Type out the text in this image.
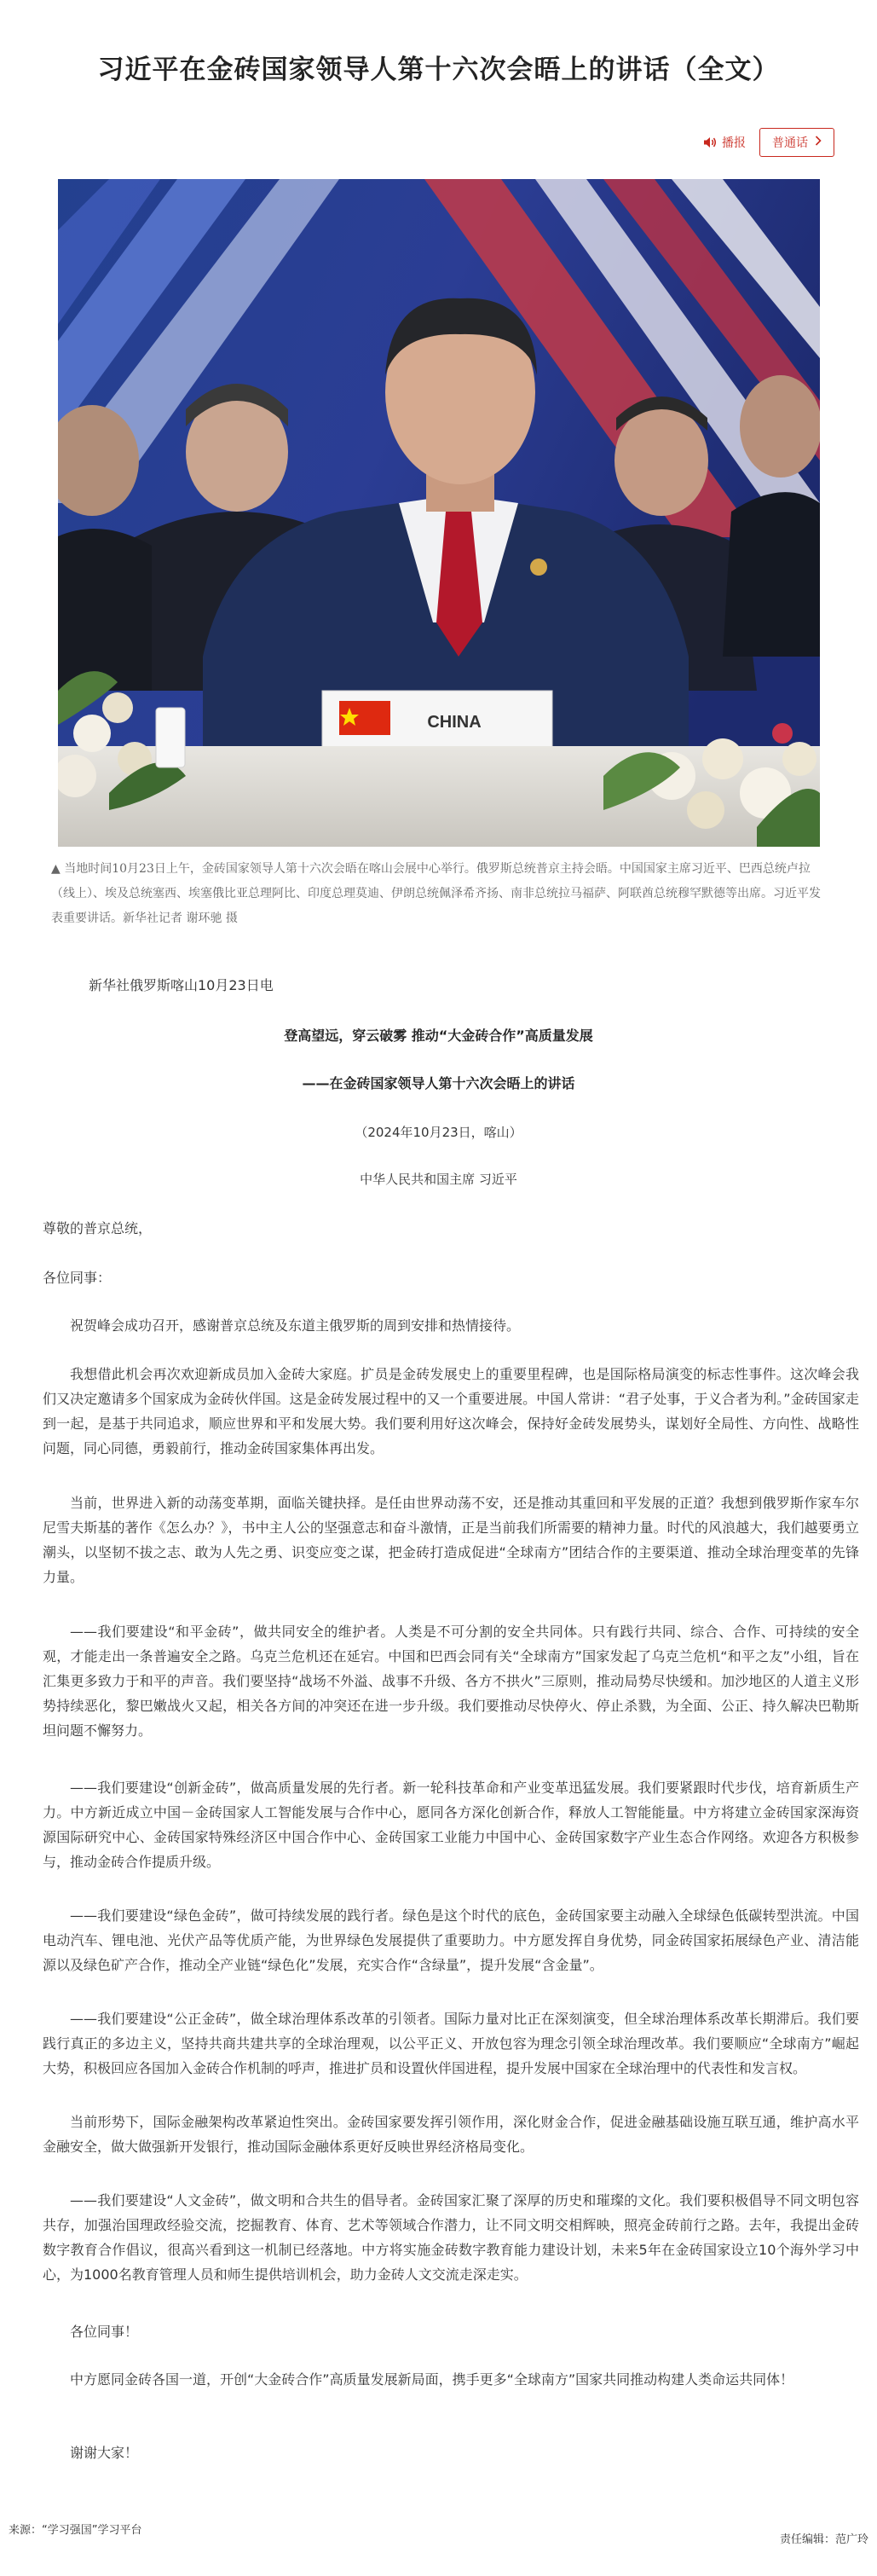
习近平在金砖国家领导人第十六次会晤上的讲话（全文）
播报 普通话
CHINA
▲ 当地时间10月23日上午，金砖国家领导人第十六次会晤在喀山会展中心举行。俄罗斯总统普京主持会晤。中国国家主席习近平、巴西总统卢拉（线上）、埃及总统塞西、埃塞俄比亚总理阿比、印度总理莫迪、伊朗总统佩泽希齐扬、南非总统拉马福萨、阿联酋总统穆罕默德等出席。习近平发表重要讲话。新华社记者 谢环驰 摄
新华社俄罗斯喀山10月23日电
登高望远，穿云破雾 推动“大金砖合作”高质量发展
——在金砖国家领导人第十六次会晤上的讲话
（2024年10月23日，喀山）
中华人民共和国主席 习近平
尊敬的普京总统，
各位同事：
祝贺峰会成功召开，感谢普京总统及东道主俄罗斯的周到安排和热情接待。
我想借此机会再次欢迎新成员加入金砖大家庭。扩员是金砖发展史上的重要里程碑，也是国际格局演变的标志性事件。这次峰会我们又决定邀请多个国家成为金砖伙伴国。这是金砖发展过程中的又一个重要进展。中国人常讲：“君子处事，于义合者为利。”金砖国家走到一起，是基于共同追求，顺应世界和平和发展大势。我们要利用好这次峰会，保持好金砖发展势头，谋划好全局性、方向性、战略性问题，同心同德，勇毅前行，推动金砖国家集体再出发。
当前，世界进入新的动荡变革期，面临关键抉择。是任由世界动荡不安，还是推动其重回和平发展的正道？我想到俄罗斯作家车尔尼雪夫斯基的著作《怎么办？》，书中主人公的坚强意志和奋斗激情，正是当前我们所需要的精神力量。时代的风浪越大，我们越要勇立潮头，以坚韧不拔之志、敢为人先之勇、识变应变之谋，把金砖打造成促进“全球南方”团结合作的主要渠道、推动全球治理变革的先锋力量。
——我们要建设“和平金砖”，做共同安全的维护者。人类是不可分割的安全共同体。只有践行共同、综合、合作、可持续的安全观，才能走出一条普遍安全之路。乌克兰危机还在延宕。中国和巴西会同有关“全球南方”国家发起了乌克兰危机“和平之友”小组，旨在汇集更多致力于和平的声音。我们要坚持“战场不外溢、战事不升级、各方不拱火”三原则，推动局势尽快缓和。加沙地区的人道主义形势持续恶化，黎巴嫩战火又起，相关各方间的冲突还在进一步升级。我们要推动尽快停火、停止杀戮，为全面、公正、持久解决巴勒斯坦问题不懈努力。
——我们要建设“创新金砖”，做高质量发展的先行者。新一轮科技革命和产业变革迅猛发展。我们要紧跟时代步伐，培育新质生产力。中方新近成立中国－金砖国家人工智能发展与合作中心，愿同各方深化创新合作，释放人工智能能量。中方将建立金砖国家深海资源国际研究中心、金砖国家特殊经济区中国合作中心、金砖国家工业能力中国中心、金砖国家数字产业生态合作网络。欢迎各方积极参与，推动金砖合作提质升级。
——我们要建设“绿色金砖”，做可持续发展的践行者。绿色是这个时代的底色，金砖国家要主动融入全球绿色低碳转型洪流。中国电动汽车、锂电池、光伏产品等优质产能，为世界绿色发展提供了重要助力。中方愿发挥自身优势，同金砖国家拓展绿色产业、清洁能源以及绿色矿产合作，推动全产业链“绿色化”发展，充实合作“含绿量”，提升发展“含金量”。
——我们要建设“公正金砖”，做全球治理体系改革的引领者。国际力量对比正在深刻演变，但全球治理体系改革长期滞后。我们要践行真正的多边主义，坚持共商共建共享的全球治理观，以公平正义、开放包容为理念引领全球治理改革。我们要顺应“全球南方”崛起大势，积极回应各国加入金砖合作机制的呼声，推进扩员和设置伙伴国进程，提升发展中国家在全球治理中的代表性和发言权。
当前形势下，国际金融架构改革紧迫性突出。金砖国家要发挥引领作用，深化财金合作，促进金融基础设施互联互通，维护高水平金融安全，做大做强新开发银行，推动国际金融体系更好反映世界经济格局变化。
——我们要建设“人文金砖”，做文明和合共生的倡导者。金砖国家汇聚了深厚的历史和璀璨的文化。我们要积极倡导不同文明包容共存，加强治国理政经验交流，挖掘教育、体育、艺术等领域合作潜力，让不同文明交相辉映，照亮金砖前行之路。去年，我提出金砖数字教育合作倡议，很高兴看到这一机制已经落地。中方将实施金砖数字教育能力建设计划，未来5年在金砖国家设立10个海外学习中心，为1000名教育管理人员和师生提供培训机会，助力金砖人文交流走深走实。
各位同事！
中方愿同金砖各国一道，开创“大金砖合作”高质量发展新局面，携手更多“全球南方”国家共同推动构建人类命运共同体！
谢谢大家！
来源：“学习强国”学习平台
责任编辑：范广玲
